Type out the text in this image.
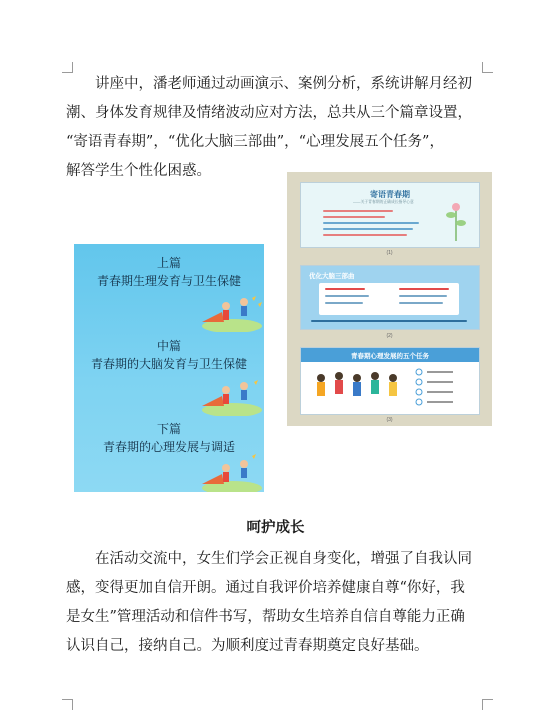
讲座中，潘老师通过动画演示、案例分析，系统讲解月经初
潮、身体发育规律及情绪波动应对方法，总共从三个篇章设置，
“寄语青春期”，“优化大脑三部曲”，“心理发展五个任务”，
解答学生个性化困惑。

上篇
青春期生理发育与卫生保健
中篇
青春期的大脑发育与卫生保健
下篇
青春期的心理发展与调适
寄语青春期
——关于青春期的正确成长指导心意
(1)
优化大脑三部曲
(2)
青春期心理发展的五个任务
(3)
呵护成长

在活动交流中，女生们学会正视自身变化，增强了自我认同
感，变得更加自信开朗。通过自我评价培养健康自尊“你好，我
是女生”管理活动和信件书写，帮助女生培养自信自尊能力正确
认识自己，接纳自己。为顺利度过青春期奠定良好基础。
